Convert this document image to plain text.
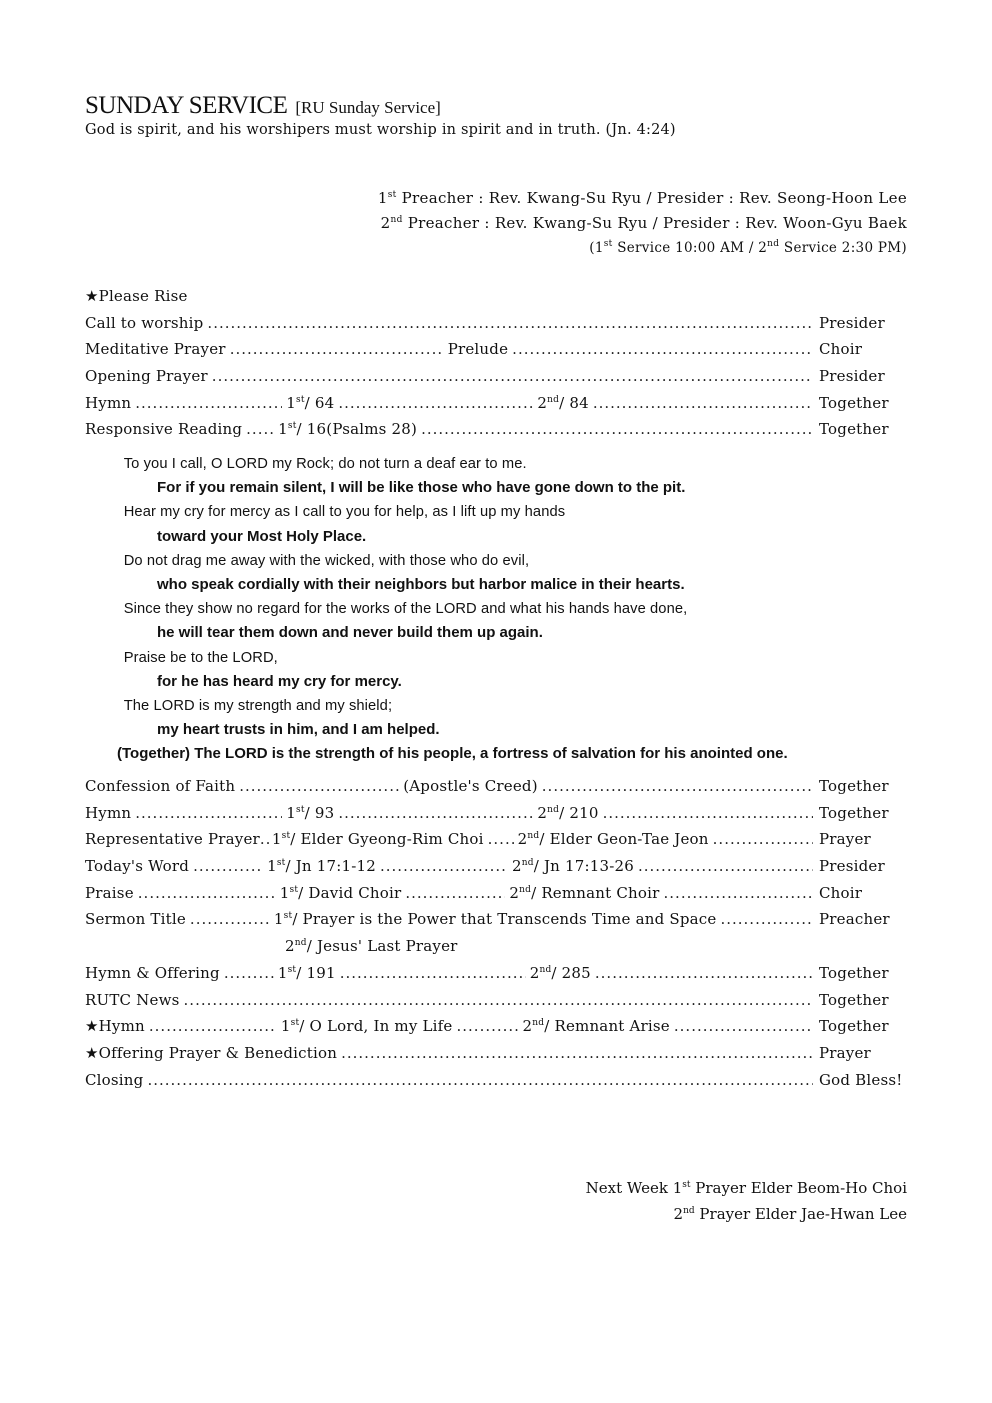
SUNDAY SERVICE [RU Sunday Service]
God is spirit, and his worshipers must worship in spirit and in truth. (Jn. 4:24)
1st Preacher : Rev. Kwang-Su Ryu / Presider : Rev. Seong-Hoon Lee
2nd Preacher : Rev. Kwang-Su Ryu / Presider : Rev. Woon-Gyu Baek
(1st Service 10:00 AM / 2nd Service 2:30 PM)
★Please Rise
Call to worship .....	Presider
Meditative Prayer .....	Prelude .....	Choir
Opening Prayer .....	Presider
Hymn .....	1st/ 64 .....	2nd/ 84 .....	Together
Responsive Reading ..... 1st/ 16(Psalms 28) .....	Together
To you I call, O LORD my Rock; do not turn a deaf ear to me.
For if you remain silent, I will be like those who have gone down to the pit.
Hear my cry for mercy as I call to you for help, as I lift up my hands
toward your Most Holy Place.
Do not drag me away with the wicked, with those who do evil,
who speak cordially with their neighbors but harbor malice in their hearts.
Since they show no regard for the works of the LORD and what his hands have done,
he will tear them down and never build them up again.
Praise be to the LORD,
for he has heard my cry for mercy.
The LORD is my strength and my shield;
my heart trusts in him, and I am helped.
(Together) The LORD is the strength of his people, a fortress of salvation for his anointed one.
Confession of Faith .....	(Apostle's Creed) .....	Together
Hymn .....	1st/ 93 .....	2nd/ 210 .....	Together
Representative Prayer ..... 1st/ Elder Gyeong-Rim Choi ..... 2nd/ Elder Geon-Tae Jeon .....	Prayer
Today's Word .....	1st/ Jn 17:1-12 .....	2nd/ Jn 17:13-26 .....	Presider
Praise .....	1st/ David Choir .....	2nd/ Remnant Choir .....	Choir
Sermon Title .....	1st/ Prayer is the Power that Transcends Time and Space .....	Preacher
2nd/ Jesus' Last Prayer
Hymn & Offering .....	1st/ 191 .....	2nd/ 285 .....	Together
RUTC News .....	Together
★Hymn .....	1st/ O Lord, In my Life .....	2nd/ Remnant Arise .....	Together
★Offering Prayer & Benediction .....	Prayer
Closing .....	God Bless!
Next Week 1st Prayer Elder Beom-Ho Choi
2nd Prayer Elder Jae-Hwan Lee
